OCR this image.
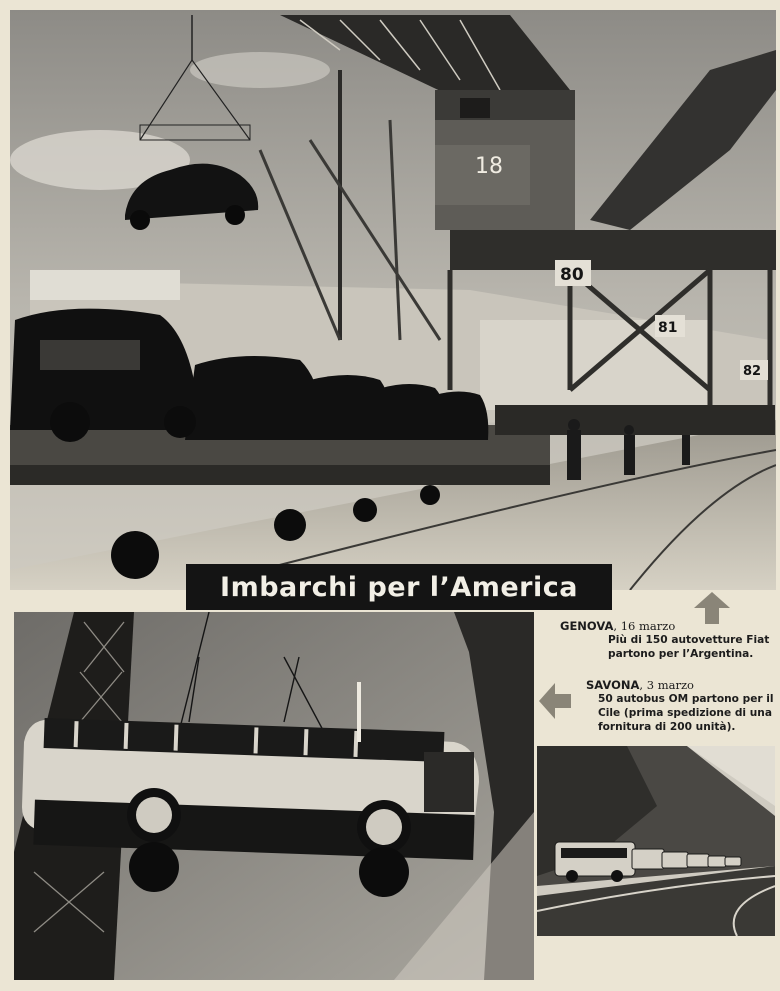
18
80
81
82
Imbarchi per l’America
GENOVA, 16 marzo
Più di 150 autovetture Fiat partono per l’Argentina.
SAVONA, 3 marzo
50 autobus OM partono per il Cile (prima spedizione di una fornitura di 200 unità).
